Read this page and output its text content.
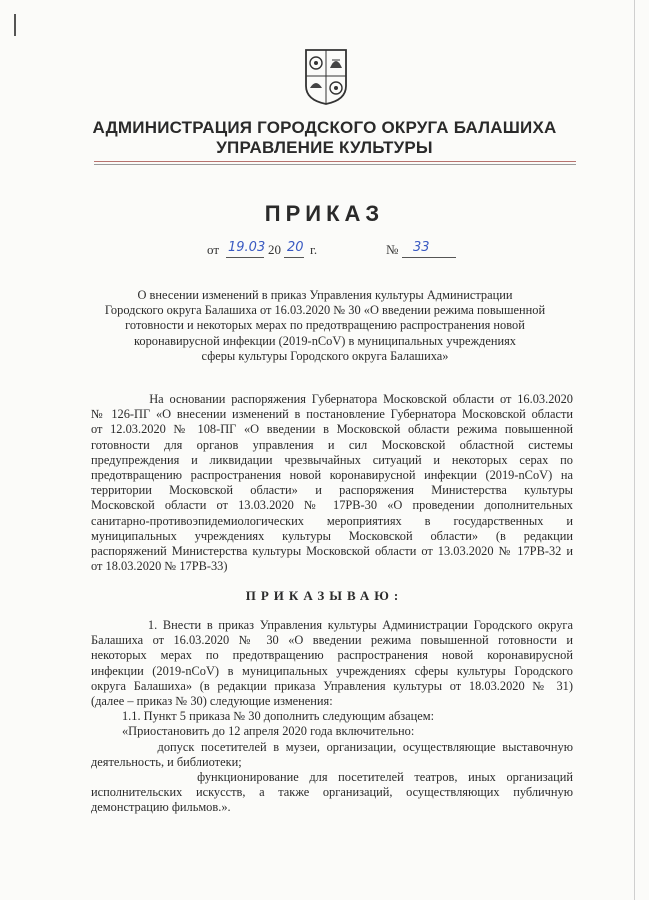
АДМИНИСТРАЦИЯ ГОРОДСКОГО ОКРУГА БАЛАШИХА
УПРАВЛЕНИЕ КУЛЬТУРЫ
ПРИКАЗ
от 19.03 20 20 г.	№ 33
О внесении изменений в приказ Управления культуры Администрации
Городского округа Балашиха от 16.03.2020 № 30 «О введении режима повышенной
готовности и некоторых мерах по предотвращению распространения новой
коронавирусной инфекции (2019-nCoV) в муниципальных учреждениях
сферы культуры Городского округа Балашиха»
На основании распоряжения Губернатора Московской области от 16.03.2020
№ 126-ПГ «О внесении изменений в постановление Губернатора Московской области
от 12.03.2020 № 108-ПГ «О введении в Московской области режима повышенной
готовности для органов управления и сил Московской областной системы
предупреждения и ликвидации чрезвычайных ситуаций и некоторых серах по
предотвращению распространения новой коронавирусной инфекции (2019-nCoV) на
территории Московской области» и распоряжения Министерства культуры
Московской области от 13.03.2020 № 17РВ-30 «О проведении дополнительных
санитарно-противоэпидемиологических мероприятиях в государственных и
муниципальных учреждениях культуры Московской области» (в редакции
распоряжений Министерства культуры Московской области от 13.03.2020 № 17РВ-32 и
от 18.03.2020 № 17РВ-33)
ПРИКАЗЫВАЮ:
1. Внести в приказ Управления культуры Администрации Городского округа
Балашиха от 16.03.2020 № 30 «О введении режима повышенной готовности и
некоторых мерах по предотвращению распространения новой коронавирусной
инфекции (2019-nCoV) в муниципальных учреждениях сферы культуры Городского
округа Балашиха» (в редакции приказа Управления культуры от 18.03.2020 № 31)
(далее – приказ № 30) следующие изменения:
1.1. Пункт 5 приказа № 30 дополнить следующим абзацем:
«Приостановить до 12 апреля 2020 года включительно:
допуск посетителей в музеи, организации, осуществляющие выставочную
деятельность, и библиотеки;
функционирование для посетителей театров, иных организаций
исполнительских искусств, а также организаций, осуществляющих публичную
демонстрацию фильмов.».
